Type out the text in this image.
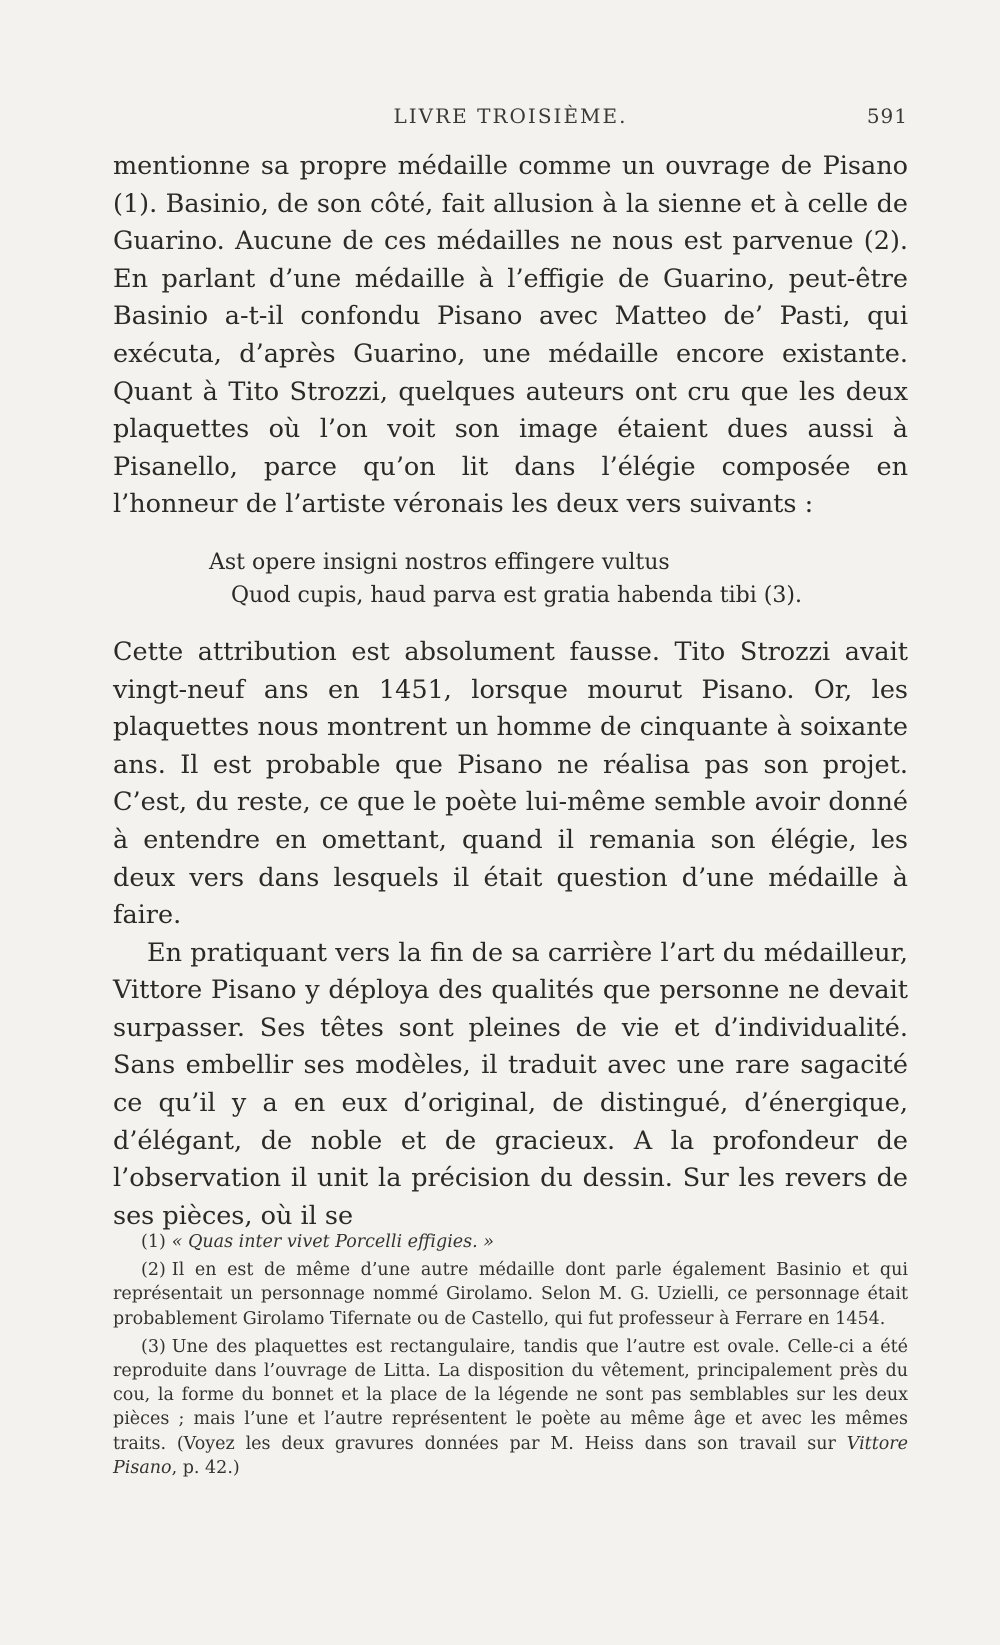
LIVRE TROISIÈME.	591

mentionne sa propre médaille comme un ouvrage de Pisano (1). Basinio, de son côté, fait allusion à la sienne et à celle de Guarino. Aucune de ces médailles ne nous est parvenue (2). En parlant d’une médaille à l’effigie de Guarino, peut-être Basinio a-t-il confondu Pisano avec Matteo de’ Pasti, qui exécuta, d’après Guarino, une médaille encore existante. Quant à Tito Strozzi, quelques auteurs ont cru que les deux plaquettes où l’on voit son image étaient dues aussi à Pisanello, parce qu’on lit dans l’élégie composée en l’honneur de l’artiste véronais les deux vers suivants :

Ast opere insigni nostros effingere vultus
Quod cupis, haud parva est gratia habenda tibi (3).

Cette attribution est absolument fausse. Tito Strozzi avait vingt-neuf ans en 1451, lorsque mourut Pisano. Or, les plaquettes nous montrent un homme de cinquante à soixante ans. Il est probable que Pisano ne réalisa pas son projet. C’est, du reste, ce que le poète lui-même semble avoir donné à entendre en omettant, quand il remania son élégie, les deux vers dans lesquels il était question d’une médaille à faire.

En pratiquant vers la fin de sa carrière l’art du médailleur, Vittore Pisano y déploya des qualités que personne ne devait surpasser. Ses têtes sont pleines de vie et d’individualité. Sans embellir ses modèles, il traduit avec une rare sagacité ce qu’il y a en eux d’original, de distingué, d’énergique, d’élégant, de noble et de gracieux. A la profondeur de l’observation il unit la précision du dessin. Sur les revers de ses pièces, où il se

(1) « Quas inter vivet Porcelli effigies. »

(2) Il en est de même d’une autre médaille dont parle également Basinio et qui représentait un personnage nommé Girolamo. Selon M. G. Uzielli, ce personnage était probablement Girolamo Tifernate ou de Castello, qui fut professeur à Ferrare en 1454.

(3) Une des plaquettes est rectangulaire, tandis que l’autre est ovale. Celle-ci a été reproduite dans l’ouvrage de Litta. La disposition du vêtement, principalement près du cou, la forme du bonnet et la place de la légende ne sont pas semblables sur les deux pièces ; mais l’une et l’autre représentent le poète au même âge et avec les mêmes traits. (Voyez les deux gravures données par M. Heiss dans son travail sur Vittore Pisano, p. 42.)
